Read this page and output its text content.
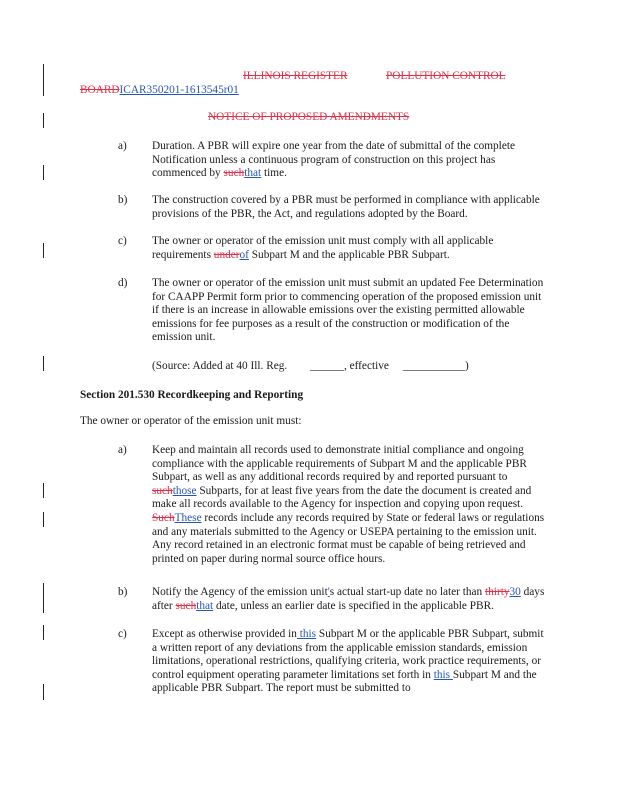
ILLINOIS REGISTER	POLLUTION CONTROL
BOARDICAR350201-1613545r01
NOTICE OF PROPOSED AMENDMENTS
a) Duration. A PBR will expire one year from the date of submittal of the complete Notification unless a continuous program of construction on this project has commenced by suchthat time.
b) The construction covered by a PBR must be performed in compliance with applicable provisions of the PBR, the Act, and regulations adopted by the Board.
c) The owner or operator of the emission unit must comply with all applicable requirements underof Subpart M and the applicable PBR Subpart.
d) The owner or operator of the emission unit must submit an updated Fee Determination for CAAPP Permit form prior to commencing operation of the proposed emission unit if there is an increase in allowable emissions over the existing permitted allowable emissions for fee purposes as a result of the construction or modification of the emission unit.
(Source: Added at 40 Ill. Reg. ______, effective ___________)
Section 201.530 Recordkeeping and Reporting
The owner or operator of the emission unit must:
a) Keep and maintain all records used to demonstrate initial compliance and ongoing compliance with the applicable requirements of Subpart M and the applicable PBR Subpart, as well as any additional records required by and reported pursuant to suchthose Subparts, for at least five years from the date the document is created and make all records available to the Agency for inspection and copying upon request. SuchThese records include any records required by State or federal laws or regulations and any materials submitted to the Agency or USEPA pertaining to the emission unit. Any record retained in an electronic format must be capable of being retrieved and printed on paper during normal source office hours.
b) Notify the Agency of the emission unit's actual start-up date no later than thirty30 days after suchthat date, unless an earlier date is specified in the applicable PBR.
c) Except as otherwise provided in this Subpart M or the applicable PBR Subpart, submit a written report of any deviations from the applicable emission standards, emission limitations, operational restrictions, qualifying criteria, work practice requirements, or control equipment operating parameter limitations set forth in this Subpart M and the applicable PBR Subpart. The report must be submitted to
